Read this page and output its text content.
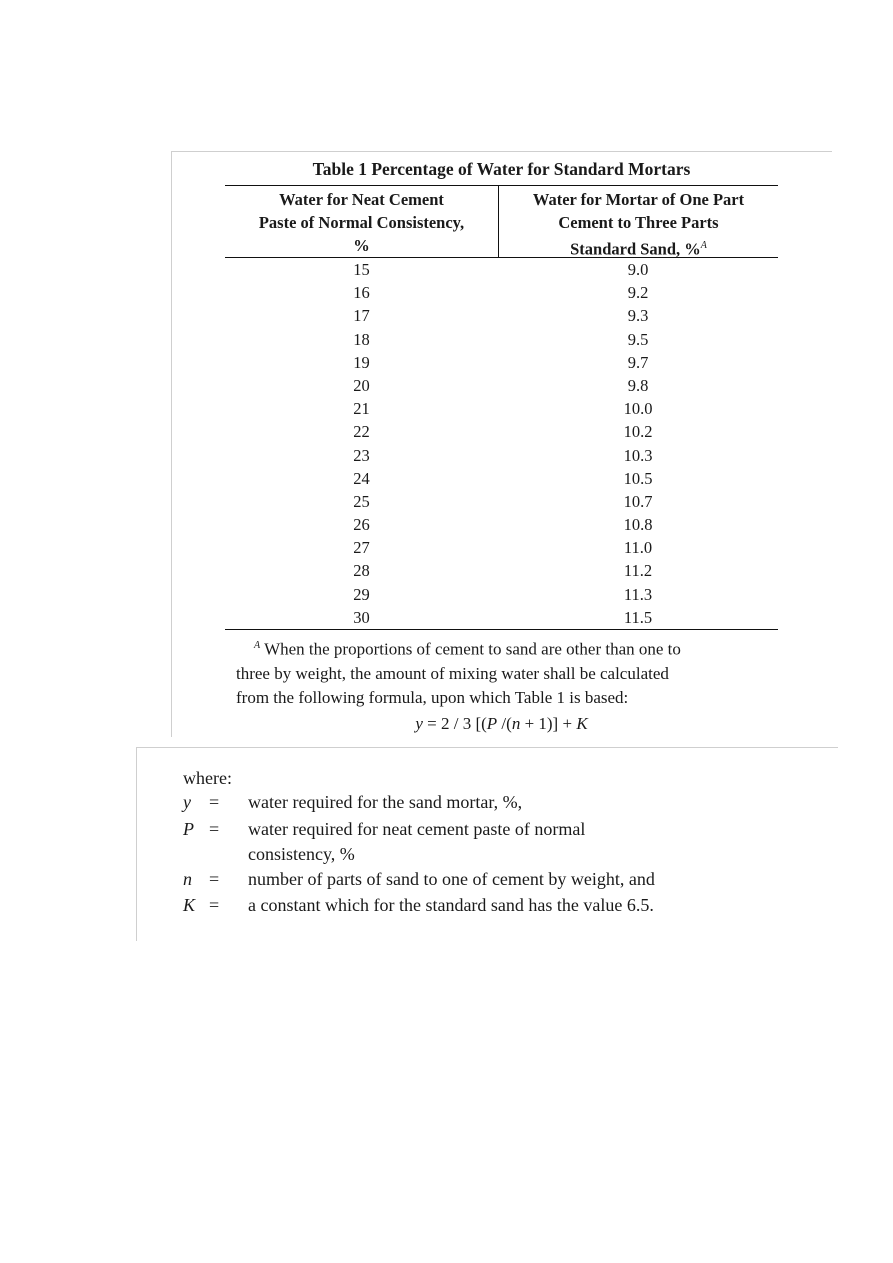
Table 1 Percentage of Water for Standard Mortars
Water for Neat Cement
Paste of Normal Consistency,
%
Water for Mortar of One Part
Cement to Three Parts
Standard Sand, %$^A$
15	9.0
16	9.2
17	9.3
18	9.5
19	9.7
20	9.8
21	10.0
22	10.2
23	10.3
24	10.5
25	10.7
26	10.8
27	11.0
28	11.2
29	11.3
30	11.5
$^A$ When the proportions of cement to sand are other than one to
three by weight, the amount of mixing water shall be calculated
from the following formula, upon which Table 1 is based:
y = 2 / 3 [(P /(n + 1)] + K
where:
y = water required for the sand mortar, %,
P = water required for neat cement paste of normal
consistency, %
n = number of parts of sand to one of cement by weight, and
K = a constant which for the standard sand has the value 6.5.
